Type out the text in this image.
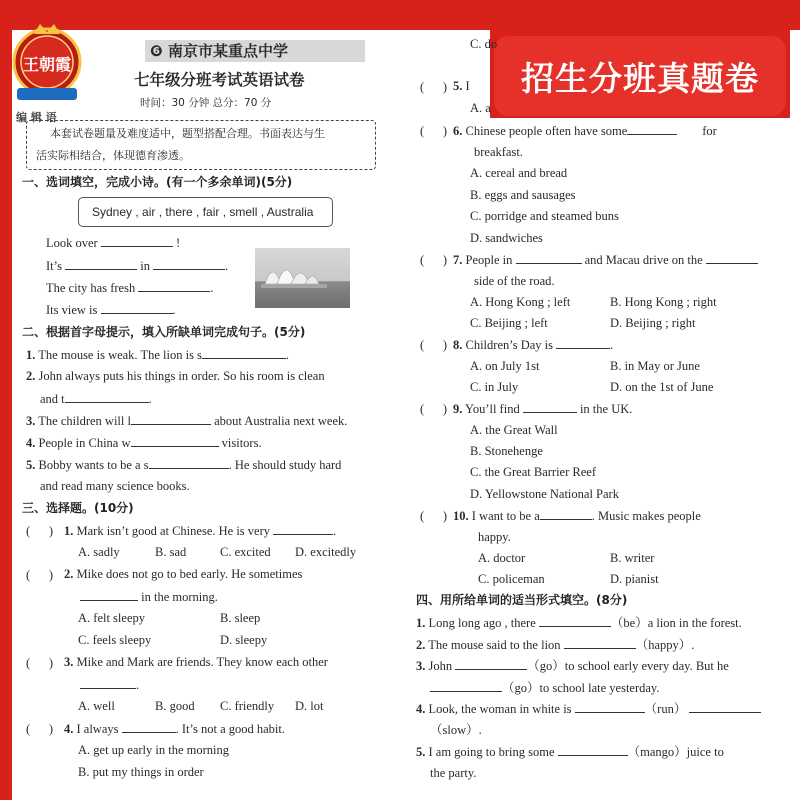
王朝霞
成长路上 · 阳光满天
招生分班真题卷
❻ 南京市某重点中学
七年级分班考试英语试卷
时间：30 分钟 总分：70 分
编 辑 语
本套试卷题量及难度适中，题型搭配合理。书面表达与生
活实际相结合，体现德育渗透。
一、选词填空，完成小诗。(有一个多余单词)(5分)
Sydney , air , there , fair , smell , Australia
Look over	!
It’s	in	.
The city has fresh	.
Its view is	.
二、根据首字母提示，填入所缺单词完成句子。(5分)
1. The mouse is weak. The lion is s	.
2. John always puts his things in order. So his room is clean
and t	.
3. The children will l	about Australia next week.
4. People in China w	visitors.
5. Bobby wants to be a s	. He should study hard
and read many science books.
三、选择题。(10分)
(      ) 1. Mark isn’t good at Chinese. He is very	.
A. sadly	B. sad	C. excited D. excitedly
(      ) 2. Mike does not go to bed early. He sometimes
in the morning.
A. felt sleepy	B. sleep
C. feels sleepy	D. sleepy
(      ) 3. Mike and Mark are friends. They know each other
.
A. well	B. good C. friendly D. lot
(      ) 4. I always	. It’s not a good habit.
A. get up early in the morning
B. put my things in order
C. do
(      ) 5. I
A. a
(      ) 6. Chinese people often have some	for
breakfast.
A. cereal and bread
B. eggs and sausages
C. porridge and steamed buns
D. sandwiches
(      ) 7. People in	and Macau drive on the
side of the road.
A. Hong Kong ; left	B. Hong Kong ; right
C. Beijing ; left	D. Beijing ; right
(      ) 8. Children’s Day is	.
A. on July 1st	B. in May or June
C. in July	D. on the 1st of June
(      ) 9. You’ll find	in the UK.
A. the Great Wall
B. Stonehenge
C. the Great Barrier Reef
D. Yellowstone National Park
(      ) 10. I want to be a	. Music makes people
happy.
A. doctor	B. writer
C. policeman	D. pianist
四、用所给单词的适当形式填空。(8分)
1. Long long ago , there	（be）a lion in the forest.
2. The mouse said to the lion	（happy）.
3. John	（go）to school early every day. But he
（go）to school late yesterday.
4. Look, the woman in white is	（run）
（slow）.
5. I am going to bring some	（mango）juice to
the party.
